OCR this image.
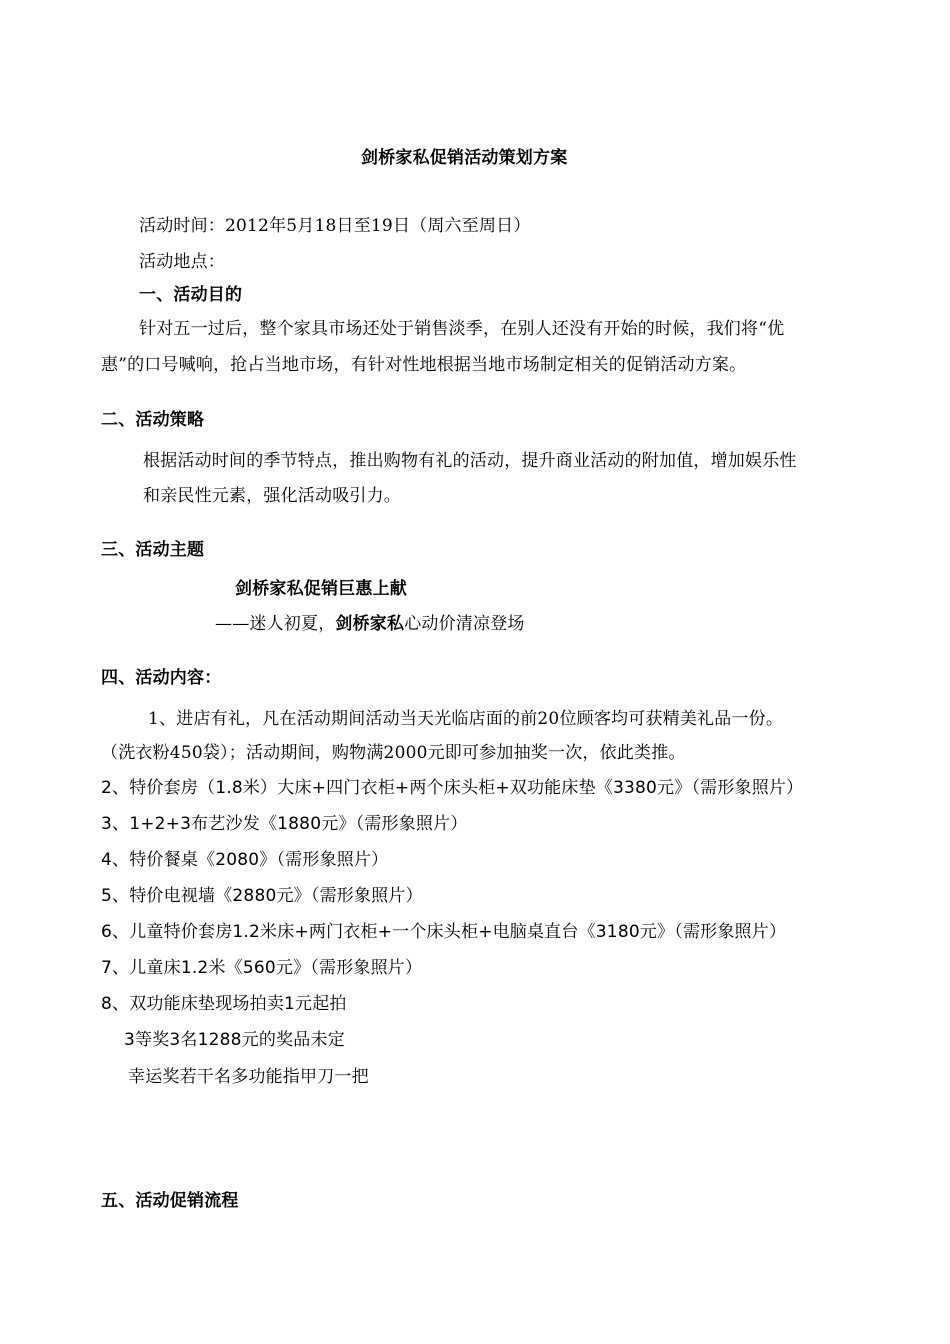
剑桥家私促销活动策划方案
活动时间：2012年5月18日至19日（周六至周日）
活动地点：
一、活动目的
针对五一过后，整个家具市场还处于销售淡季，在别人还没有开始的时候，我们将“优
惠”的口号喊响，抢占当地市场，有针对性地根据当地市场制定相关的促销活动方案。
二、活动策略
根据活动时间的季节特点，推出购物有礼的活动，提升商业活动的附加值，增加娱乐性
和亲民性元素，强化活动吸引力。
三、活动主题
剑桥家私促销巨惠上献
——迷人初夏，剑桥家私心动价清凉登场
四、活动内容：
1、进店有礼，凡在活动期间活动当天光临店面的前20位顾客均可获精美礼品一份。
（洗衣粉450袋）；活动期间，购物满2000元即可参加抽奖一次，依此类推。
2、特价套房（1.8米）大床+四门衣柜+两个床头柜+双功能床垫《3380元》（需形象照片）
3、1+2+3布艺沙发《1880元》（需形象照片）
4、特价餐桌《2080》（需形象照片）
5、特价电视墙《2880元》（需形象照片）
6、儿童特价套房1.2米床+两门衣柜+一个床头柜+电脑桌直台《3180元》（需形象照片）
7、儿童床1.2米《560元》（需形象照片）
8、双功能床垫现场拍卖1元起拍
3等奖3名1288元的奖品未定
幸运奖若干名多功能指甲刀一把
五、活动促销流程
